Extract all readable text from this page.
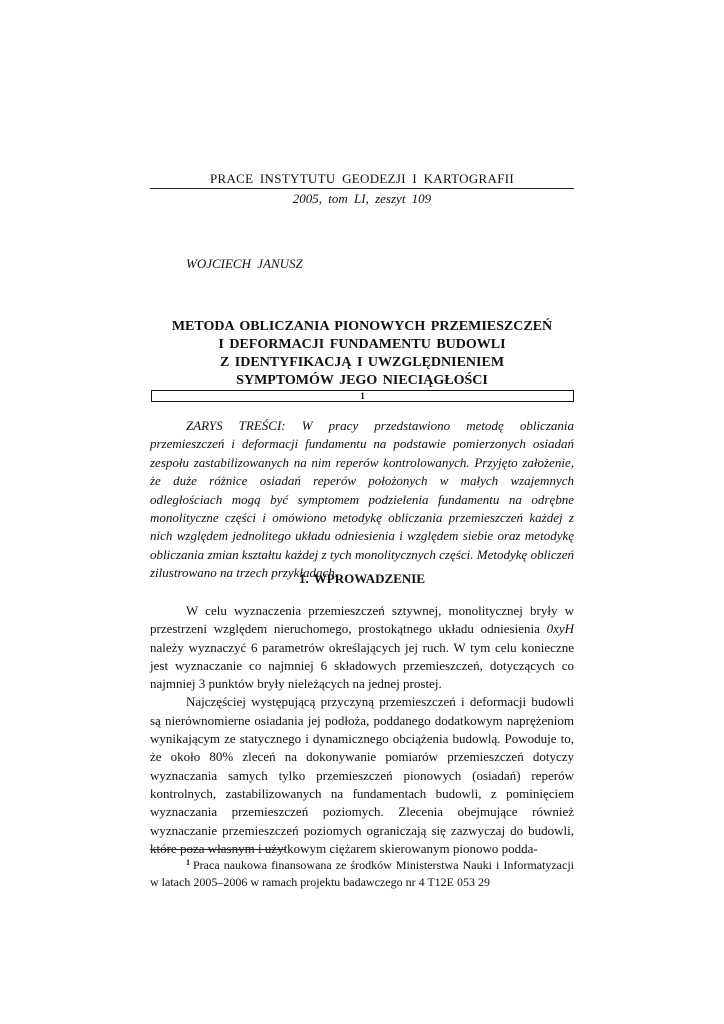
PRACE INSTYTUTU GEODEZJI I KARTOGRAFII
2005, tom LI, zeszyt 109
WOJCIECH JANUSZ
METODA OBLICZANIA PIONOWYCH PRZEMIESZCZEŃ
I DEFORMACJI FUNDAMENTU BUDOWLI
Z IDENTYFIKACJĄ I UWZGLĘDNIENIEM
SYMPTOMÓW JEGO NIECIĄGŁOŚCI
1

ZARYS TREŚCI: W pracy przedstawiono metodę obliczania przemieszczeń i deformacji fundamentu na podstawie pomierzonych osiadań zespołu zastabilizowanych na nim reperów kontrolowanych. Przyjęto założenie, że duże różnice osiadań reperów położonych w małych wzajemnych odległościach mogą być symptomem podzielenia fundamentu na odrębne monolityczne części i omówiono metodykę obliczania przemieszczeń każdej z nich względem jednolitego układu odniesienia i względem siebie oraz metodykę obliczania zmian kształtu każdej z tych monolitycznych części. Metodykę obliczeń zilustrowano na trzech przykładach.

1. WPROWADZENIE

W celu wyznaczenia przemieszczeń sztywnej, monolitycznej bryły w przestrzeni względem nieruchomego, prostokątnego układu odniesienia 0xyH należy wyznaczyć 6 parametrów określających jej ruch. W tym celu konieczne jest wyznaczanie co najmniej 6 składowych przemieszczeń, dotyczących co najmniej 3 punktów bryły nieleżących na jednej prostej.

Najczęściej występującą przyczyną przemieszczeń i deformacji budowli są nierównomierne osiadania jej podłoża, poddanego dodatkowym naprężeniom wynikającym ze statycznego i dynamicznego obciążenia budowlą. Powoduje to, że około 80% zleceń na dokonywanie pomiarów przemieszczeń dotyczy wyznaczania samych tylko przemieszczeń pionowych (osiadań) reperów kontrolnych, zastabilizowanych na fundamentach budowli, z pominięciem wyznaczania przemieszczeń poziomych. Zlecenia obejmujące również wyznaczanie przemieszczeń poziomych ograniczają się zazwyczaj do budowli, które poza własnym i użytkowym ciężarem skierowanym pionowo podda-

$^1$ Praca naukowa finansowana ze środków Ministerstwa Nauki i Informatyzacji w latach 2005–2006 w ramach projektu badawczego nr 4 T12E 053 29
